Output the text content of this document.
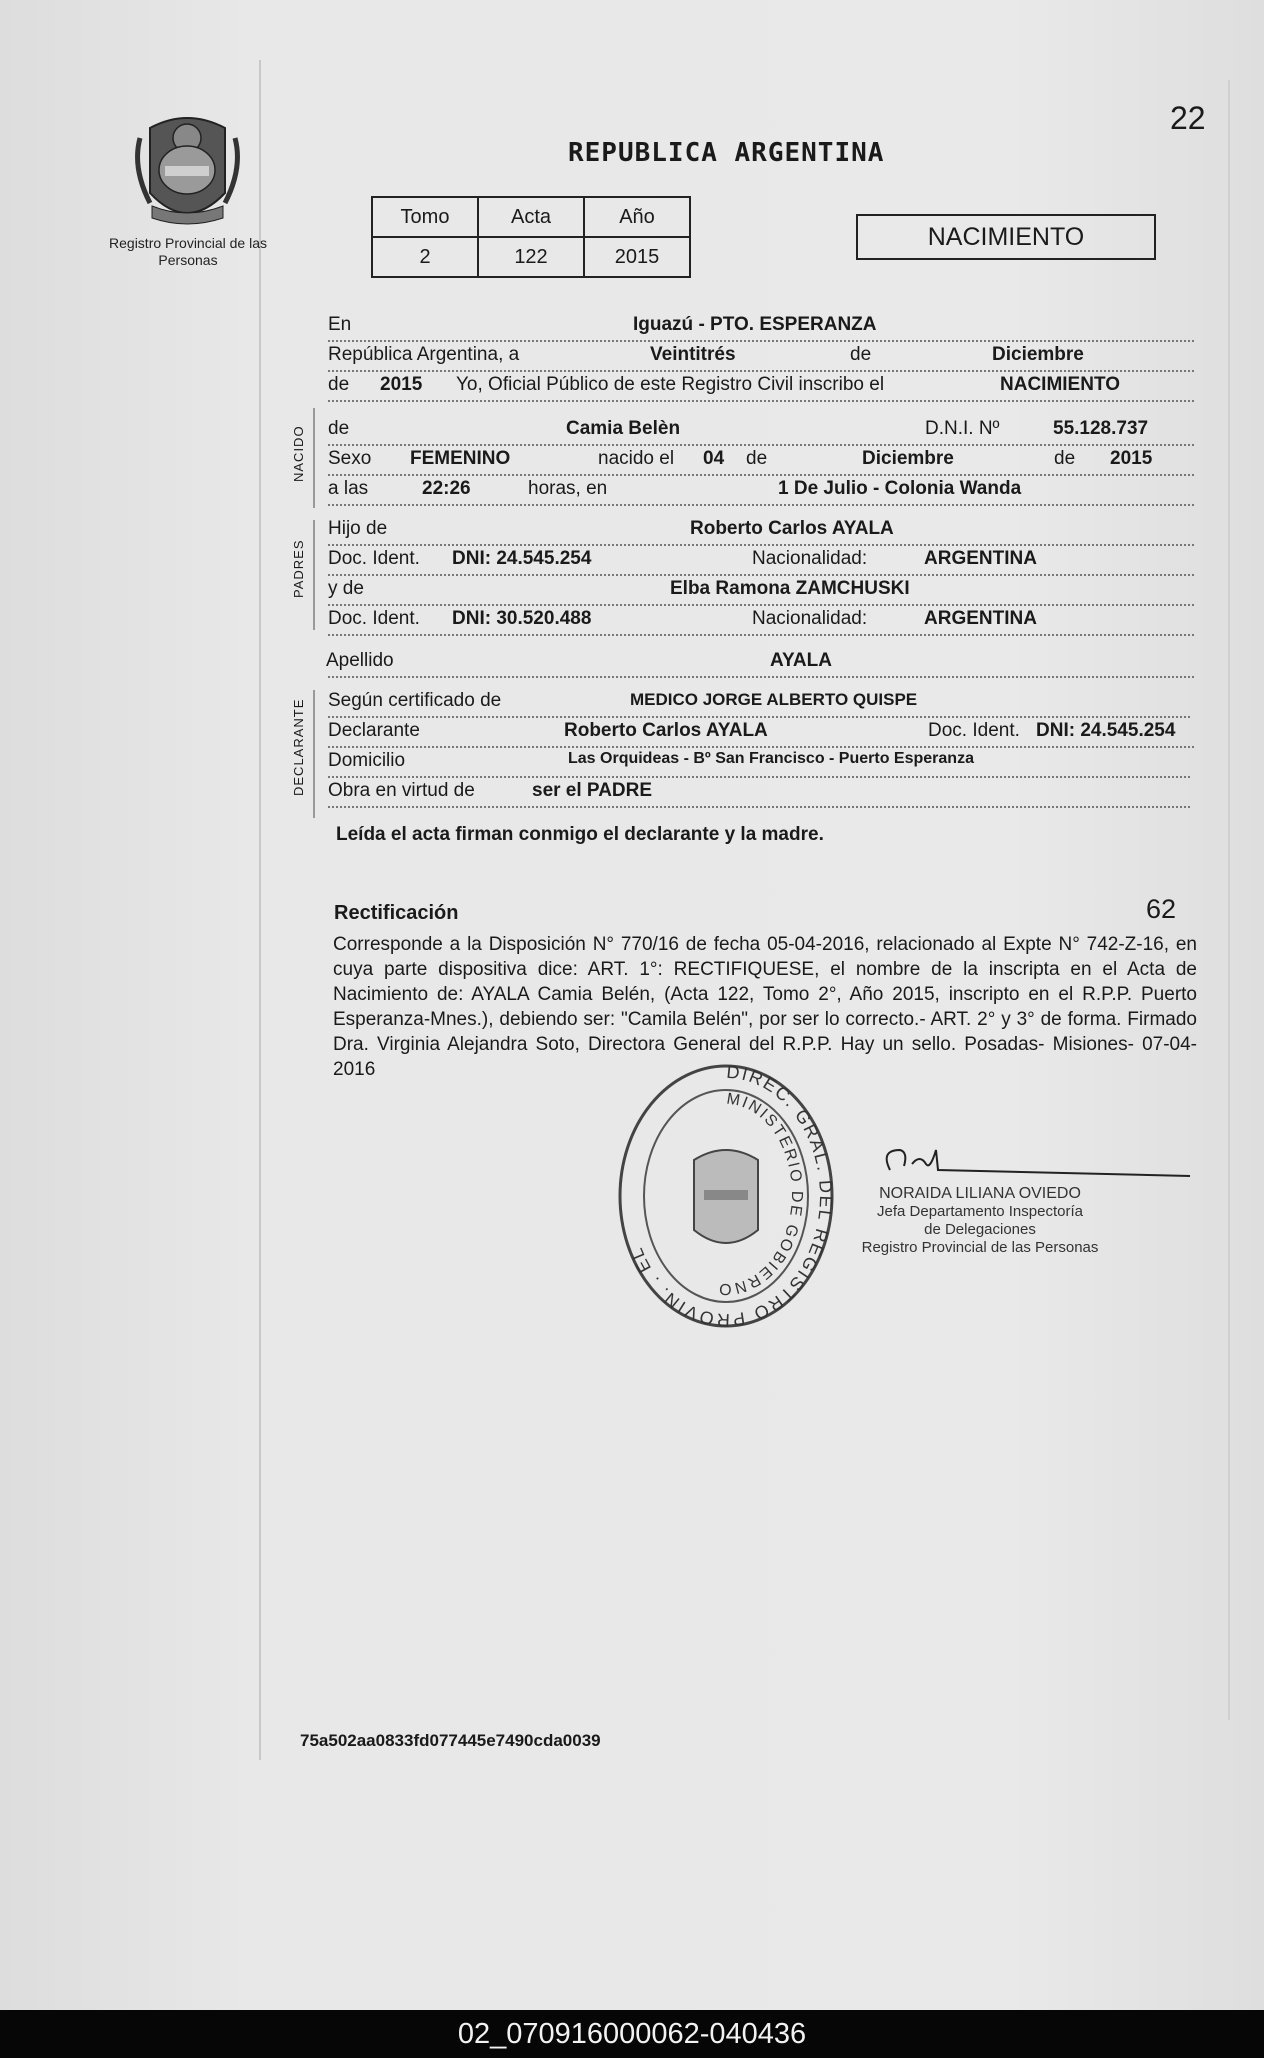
Registro Provincial de las Personas
22
REPUBLICA ARGENTINA
Tomo	Acta	Año
2	122	2015
NACIMIENTO
En	Iguazú - PTO. ESPERANZA
República Argentina, a	Veintitrés	de	Diciembre
de 2015 Yo, Oficial Público de este Registro Civil inscribo el	NACIMIENTO
NACIDO de	Camia Belèn	D.N.I. Nº	55.128.737
Sexo FEMENINO	nacido el 04 de	Diciembre	de 2015
a las	22:26	horas, en	1 De Julio - Colonia Wanda
PADRES
Hijo de	Roberto Carlos AYALA
Doc. Ident. DNI: 24.545.254	Nacionalidad:	ARGENTINA
y de	Elba Ramona ZAMCHUSKI
Doc. Ident. DNI: 30.520.488	Nacionalidad:	ARGENTINA
Apellido	AYALA
DECLARANTE Según certificado de	MEDICO JORGE ALBERTO QUISPE
Declarante	Roberto Carlos AYALA	Doc. Ident. DNI: 24.545.254
Domicilio	Las Orquideas - Bº San Francisco - Puerto Esperanza
Obra en virtud de	ser el PADRE
Leída el acta firman conmigo el declarante y la madre.
Rectificación	62
Corresponde a la Disposición N° 770/16 de fecha 05-04-2016, relacionado al Expte N° 742-Z-16, en cuya parte dispositiva dice: ART. 1°: RECTIFIQUESE, el nombre de la inscripta en el Acta de Nacimiento de: AYALA Camia Belén, (Acta 122, Tomo 2°, Año 2015, inscripto en el R.P.P. Puerto Esperanza-Mnes.), debiendo ser: "Camila Belén", por ser lo correcto.- ART. 2° y 3° de forma. Firmado Dra. Virginia Alejandra Soto, Directora General del R.P.P. Hay un sello. Posadas- Misiones- 07-04-2016	DIREC. GRAL. DEL REGISTRO PROVIN. . EL
MINISTERIO DE GOBIERNO
NORAIDA LILIANA OVIEDO
Jefa Departamento Inspectoría
de Delegaciones
Registro Provincial de las Personas
75a502aa0833fd077445e7490cda0039
02_070916000062-040436
